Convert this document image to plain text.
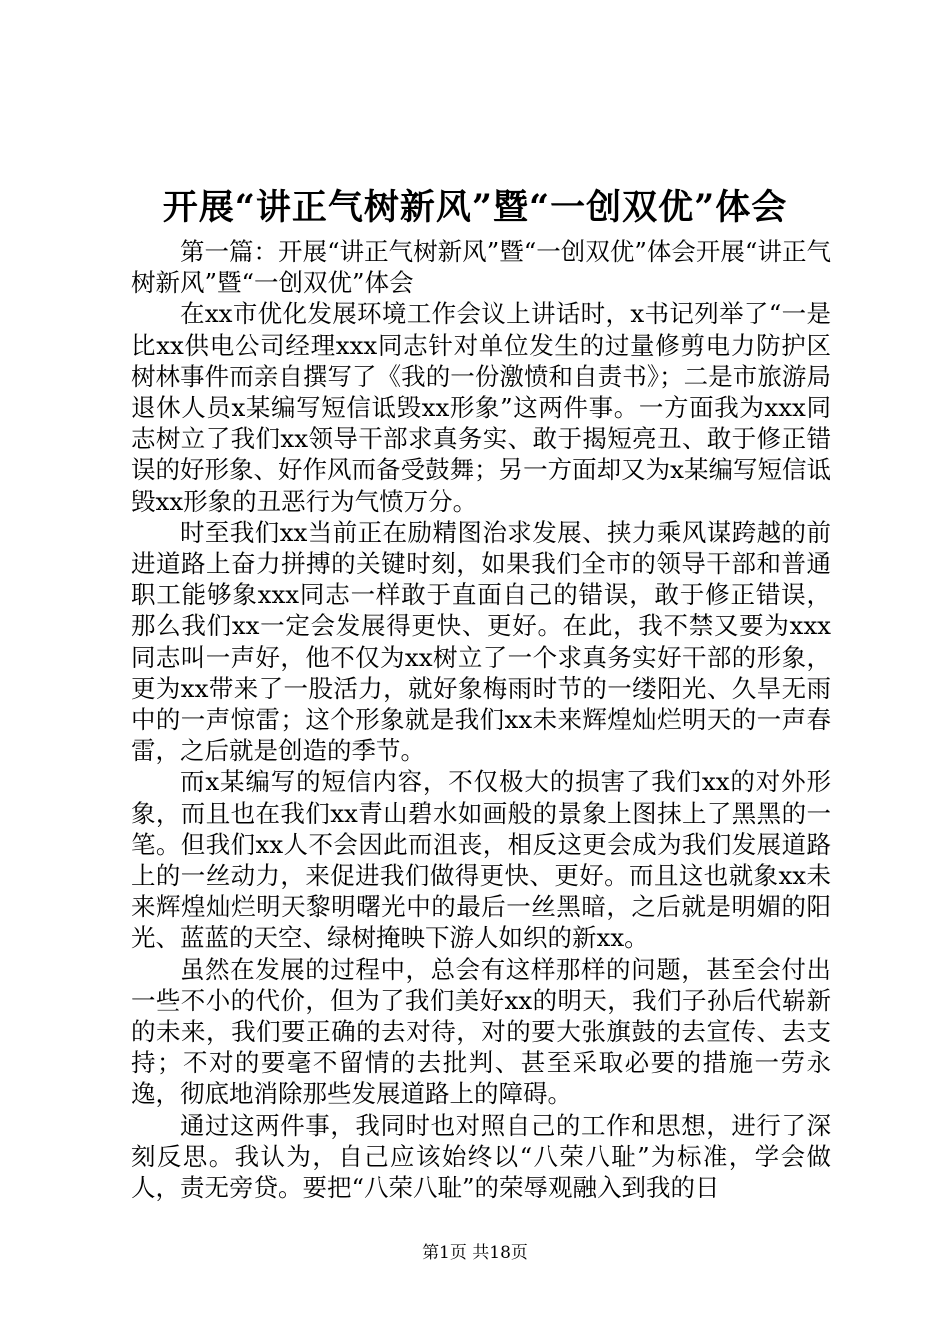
开展“讲正气树新风”暨“一创双优”体会

第一篇：开展“讲正气树新风”暨“一创双优”体会开展“讲正气树新风”暨“一创双优”体会

在xx市优化发展环境工作会议上讲话时，x书记列举了“一是比xx供电公司经理xxx同志针对单位发生的过量修剪电力防护区树林事件而亲自撰写了《我的一份激愤和自责书》；二是市旅游局退休人员x某编写短信诋毁xx形象”这两件事。一方面我为xxx同志树立了我们xx领导干部求真务实、敢于揭短亮丑、敢于修正错误的好形象、好作风而备受鼓舞；另一方面却又为x某编写短信诋毁xx形象的丑恶行为气愤万分。

时至我们xx当前正在励精图治求发展、挟力乘风谋跨越的前进道路上奋力拼搏的关键时刻，如果我们全市的领导干部和普通职工能够象xxx同志一样敢于直面自己的错误，敢于修正错误，那么我们xx一定会发展得更快、更好。在此，我不禁又要为xxx同志叫一声好，他不仅为xx树立了一个求真务实好干部的形象，更为xx带来了一股活力，就好象梅雨时节的一缕阳光、久旱无雨中的一声惊雷；这个形象就是我们xx未来辉煌灿烂明天的一声春雷，之后就是创造的季节。

而x某编写的短信内容，不仅极大的损害了我们xx的对外形象，而且也在我们xx青山碧水如画般的景象上图抹上了黑黑的一笔。但我们xx人不会因此而沮丧，相反这更会成为我们发展道路上的一丝动力，来促进我们做得更快、更好。而且这也就象xx未来辉煌灿烂明天黎明曙光中的最后一丝黑暗，之后就是明媚的阳光、蓝蓝的天空、绿树掩映下游人如织的新xx。

虽然在发展的过程中，总会有这样那样的问题，甚至会付出一些不小的代价，但为了我们美好xx的明天，我们子孙后代崭新的未来，我们要正确的去对待，对的要大张旗鼓的去宣传、去支持；不对的要毫不留情的去批判、甚至采取必要的措施一劳永逸，彻底地消除那些发展道路上的障碍。

通过这两件事，我同时也对照自己的工作和思想，进行了深刻反思。我认为，自己应该始终以“八荣八耻”为标准，学会做人，责无旁贷。要把“八荣八耻”的荣辱观融入到我的日

第1页 共18页
